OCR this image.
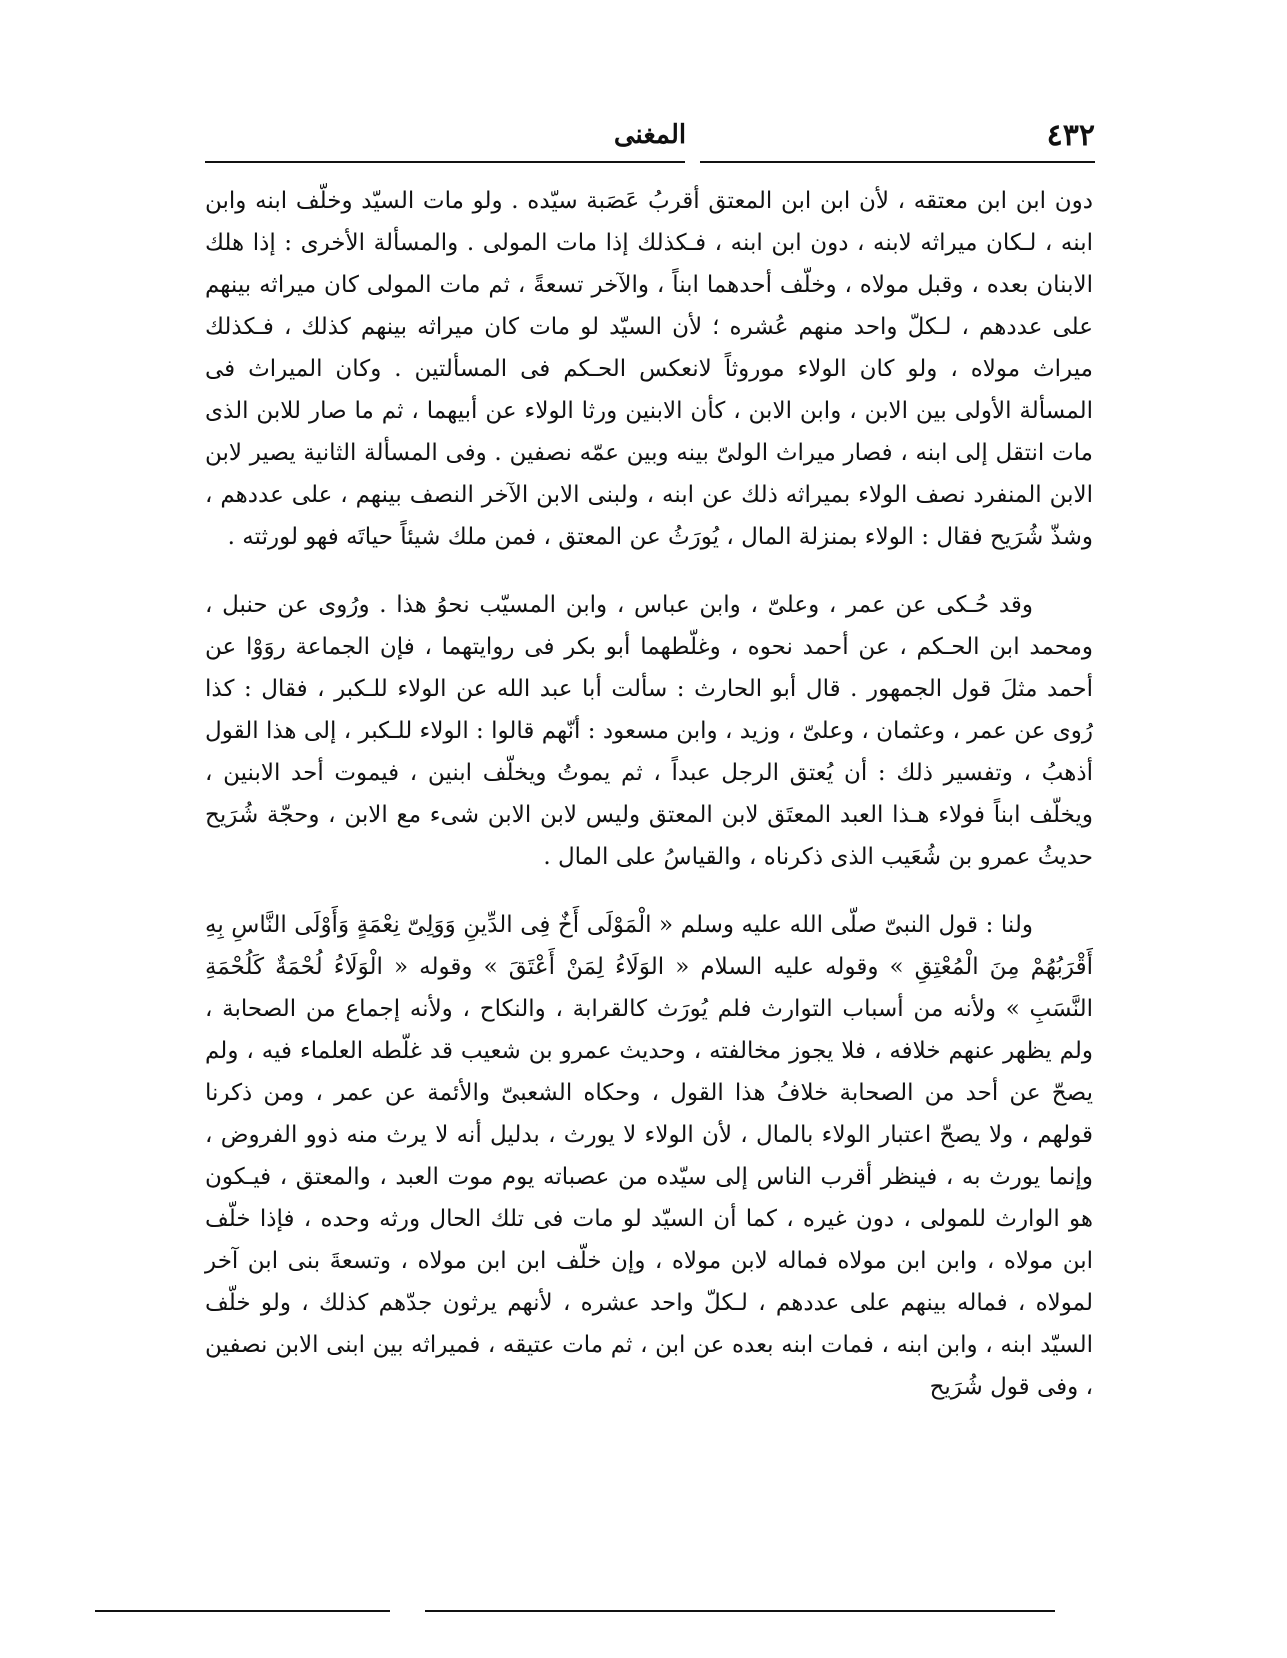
٤٣٢
المغنى

دون ابن ابن معتقه ، لأن ابن ابن المعتق أقربُ عَصَبة سيّده . ولو مات السيّد وخلّف ابنه وابن ابنه ، لـكان ميراثه لابنه ، دون ابن ابنه ، فـكذلك إذا مات المولى . والمسألة الأخرى : إذا هلك الابنان بعده ، وقبل مولاه ، وخلّف أحدهما ابناً ، والآخر تسعةً ، ثم مات المولى كان ميراثه بينهم على عددهم ، لـكلّ واحد منهم عُشره ؛ لأن السيّد لو مات كان ميراثه بينهم كذلك ، فـكذلك ميراث مولاه ، ولو كان الولاء موروثاً لانعكس الحـكم فى المسألتين . وكان الميراث فى المسألة الأولى بين الابن ، وابن الابن ، كأن الابنين ورثا الولاء عن أبيهما ، ثم ما صار للابن الذى مات انتقل إلى ابنه ، فصار ميراث الولىّ بينه وبين عمّه نصفين . وفى المسألة الثانية يصير لابن الابن المنفرد نصف الولاء بميراثه ذلك عن ابنه ، ولبنى الابن الآخر النصف بينهم ، على عددهم ، وشذّ شُرَيح فقال : الولاء بمنزلة المال ، يُورَثُ عن المعتق ، فمن ملك شيئاً حياتَه فهو لورثته .

وقد حُـكى عن عمر ، وعلىّ ، وابن عباس ، وابن المسيّب نحوُ هذا . ورُوى عن حنبل ، ومحمد ابن الحـكم ، عن أحمد نحوه ، وغلّطهما أبو بكر فى روايتهما ، فإن الجماعة روَوْا عن أحمد مثلَ قول الجمهور . قال أبو الحارث : سألت أبا عبد الله عن الولاء للـكبر ، فقال : كذا رُوى عن عمر ، وعثمان ، وعلىّ ، وزيد ، وابن مسعود : أنّهم قالوا : الولاء للـكبر ، إلى هذا القول أذهبُ ، وتفسير ذلك : أن يُعتق الرجل عبداً ، ثم يموتُ ويخلّف ابنين ، فيموت أحد الابنين ، ويخلّف ابناً فولاء هـذا العبد المعتَق لابن المعتق وليس لابن الابن شىء مع الابن ، وحجّة شُرَيح حديثُ عمرو بن شُعَيب الذى ذكرناه ، والقياسُ على المال .

ولنا : قول النبىّ صلّى الله عليه وسلم « الْمَوْلَى أَخٌ فِى الدِّينِ وَوَلِىّ نِعْمَةٍ وَأَوْلَى النَّاسِ بِهِ أَقْرَبُهُمْ مِنَ الْمُعْتِقِ » وقوله عليه السلام « الوَلَاءُ لِمَنْ أَعْتَقَ » وقوله « الْوَلَاءُ لُحْمَةٌ كَلُحْمَةِ النَّسَبِ » ولأنه من أسباب التوارث فلم يُورَث كالقرابة ، والنكاح ، ولأنه إجماع من الصحابة ، ولم يظهر عنهم خلافه ، فلا يجوز مخالفته ، وحديث عمرو بن شعيب قد غلّطه العلماء فيه ، ولم يصحّ عن أحد من الصحابة خلافُ هذا القول ، وحكاه الشعبىّ والأئمة عن عمر ، ومن ذكرنا قولهم ، ولا يصحّ اعتبار الولاء بالمال ، لأن الولاء لا يورث ، بدليل أنه لا يرث منه ذوو الفروض ، وإنما يورث به ، فينظر أقرب الناس إلى سيّده من عصباته يوم موت العبد ، والمعتق ، فيـكون هو الوارث للمولى ، دون غيره ، كما أن السيّد لو مات فى تلك الحال ورثه وحده ، فإذا خلّف ابن مولاه ، وابن ابن مولاه فماله لابن مولاه ، وإن خلّف ابن ابن مولاه ، وتسعةَ بنى ابن آخر لمولاه ، فماله بينهم على عددهم ، لـكلّ واحد عشره ، لأنهم يرثون جدّهم كذلك ، ولو خلّف السيّد ابنه ، وابن ابنه ، فمات ابنه بعده عن ابن ، ثم مات عتيقه ، فميراثه بين ابنى الابن نصفين ، وفى قول شُرَيح
